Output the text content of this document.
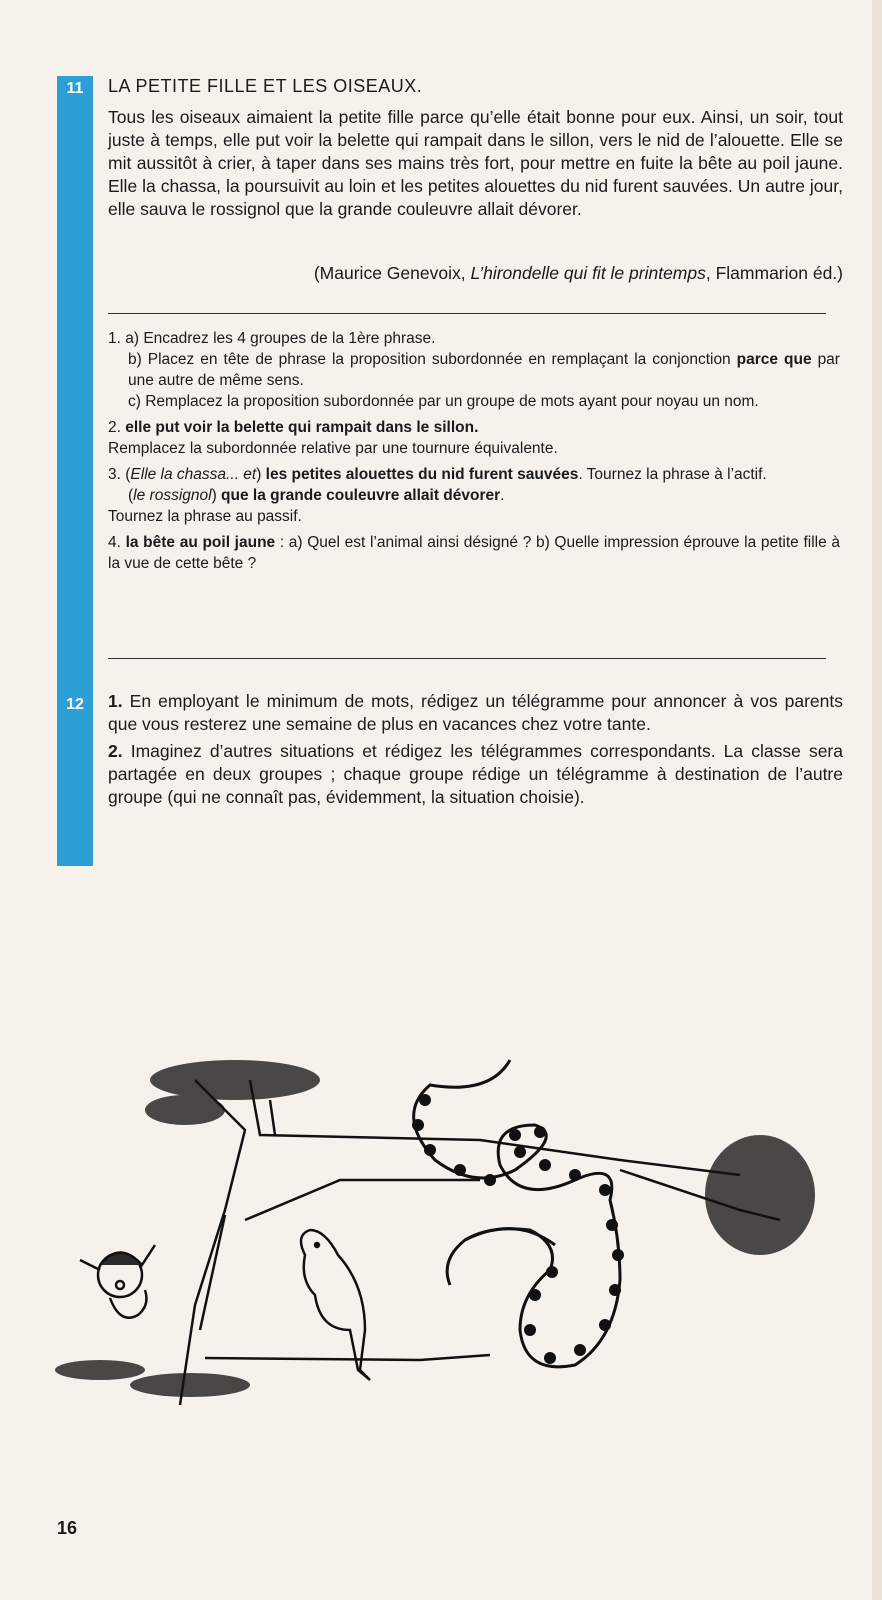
11
12

LA PETITE FILLE ET LES OISEAUX.

Tous les oiseaux aimaient la petite fille parce qu’elle était bonne pour eux. Ainsi, un soir, tout juste à temps, elle put voir la belette qui rampait dans le sillon, vers le nid de l’alouette. Elle se mit aussitôt à crier, à taper dans ses mains très fort, pour mettre en fuite la bête au poil jaune. Elle la chassa, la poursuivit au loin et les petites alouettes du nid furent sauvées. Un autre jour, elle sauva le rossignol que la grande couleuvre allait dévorer.

(Maurice Genevoix, L’hirondelle qui fit le printemps, Flammarion éd.)

1. a) Encadrez les 4 groupes de la 1ère phrase.
b) Placez en tête de phrase la proposition subordonnée en remplaçant la conjonction parce que par une autre de même sens.
c) Remplacez la proposition subordonnée par un groupe de mots ayant pour noyau un nom.
2. elle put voir la belette qui rampait dans le sillon.
Remplacez la subordonnée relative par une tournure équivalente.
3. (Elle la chassa... et) les petites alouettes du nid furent sauvées. Tournez la phrase à l’actif.
(le rossignol) que la grande couleuvre allait dévorer.
Tournez la phrase au passif.
4. la bête au poil jaune : a) Quel est l’animal ainsi désigné ? b) Quelle impression éprouve la petite fille à la vue de cette bête ?
1. En employant le minimum de mots, rédigez un télégramme pour annoncer à vos parents que vous resterez une semaine de plus en vacances chez votre tante.
2. Imaginez d’autres situations et rédigez les télégrammes correspondants. La classe sera partagée en deux groupes ; chaque groupe rédige un télégramme à destination de l’autre groupe (qui ne connaît pas, évidemment, la situation choisie).
16
